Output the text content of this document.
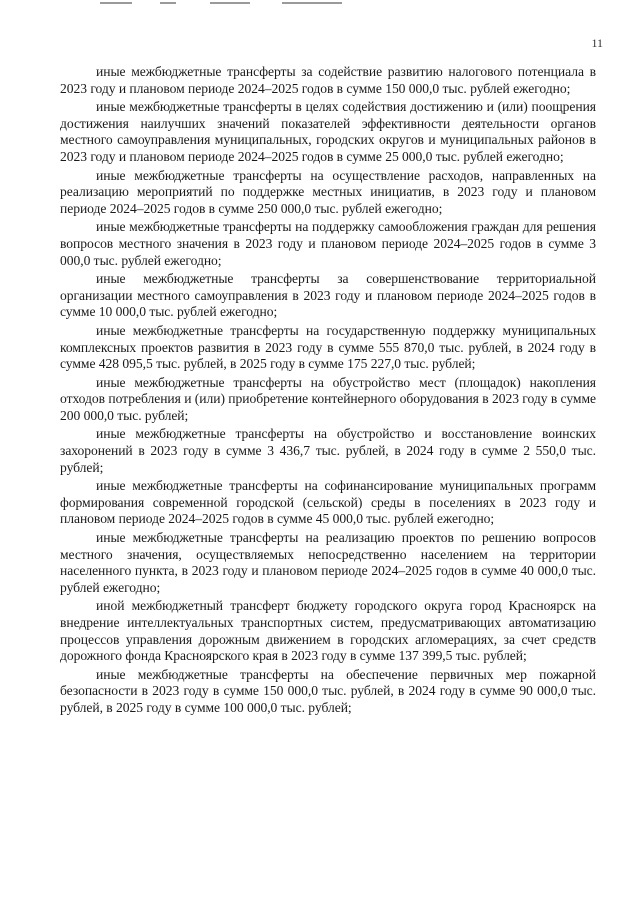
11

иные межбюджетные трансферты за содействие развитию налогового потенциала в 2023 году и плановом периоде 2024–2025 годов в сумме 150 000,0 тыс. рублей ежегодно;

иные межбюджетные трансферты в целях содействия достижению и (или) поощрения достижения наилучших значений показателей эффективности деятельности органов местного самоуправления муниципальных, городских округов и муниципальных районов в 2023 году и плановом периоде 2024–2025 годов в сумме 25 000,0 тыс. рублей ежегодно;

иные межбюджетные трансферты на осуществление расходов, направленных на реализацию мероприятий по поддержке местных инициатив, в 2023 году и плановом периоде 2024–2025 годов в сумме 250 000,0 тыс. рублей ежегодно;

иные межбюджетные трансферты на поддержку самообложения граждан для решения вопросов местного значения в 2023 году и плановом периоде 2024–2025 годов в сумме 3 000,0 тыс. рублей ежегодно;

иные межбюджетные трансферты за совершенствование территориальной организации местного самоуправления в 2023 году и плановом периоде 2024–2025 годов в сумме 10 000,0 тыс. рублей ежегодно;

иные межбюджетные трансферты на государственную поддержку муниципальных комплексных проектов развития в 2023 году в сумме 555 870,0 тыс. рублей, в 2024 году в сумме 428 095,5 тыс. рублей, в 2025 году в сумме 175 227,0 тыс. рублей;

иные межбюджетные трансферты на обустройство мест (площадок) накопления отходов потребления и (или) приобретение контейнерного оборудования в 2023 году в сумме 200 000,0 тыс. рублей;

иные межбюджетные трансферты на обустройство и восстановление воинских захоронений в 2023 году в сумме 3 436,7 тыс. рублей, в 2024 году в сумме 2 550,0 тыс. рублей;

иные межбюджетные трансферты на софинансирование муниципальных программ формирования современной городской (сельской) среды в поселениях в 2023 году и плановом периоде 2024–2025 годов в сумме 45 000,0 тыс. рублей ежегодно;

иные межбюджетные трансферты на реализацию проектов по решению вопросов местного значения, осуществляемых непосредственно населением на территории населенного пункта, в 2023 году и плановом периоде 2024–2025 годов в сумме 40 000,0 тыс. рублей ежегодно;

иной межбюджетный трансферт бюджету городского округа город Красноярск на внедрение интеллектуальных транспортных систем, предусматривающих автоматизацию процессов управления дорожным движением в городских агломерациях, за счет средств дорожного фонда Красноярского края в 2023 году в сумме 137 399,5 тыс. рублей;

иные межбюджетные трансферты на обеспечение первичных мер пожарной безопасности в 2023 году в сумме 150 000,0 тыс. рублей, в 2024 году в сумме 90 000,0 тыс. рублей, в 2025 году в сумме 100 000,0 тыс. рублей;
